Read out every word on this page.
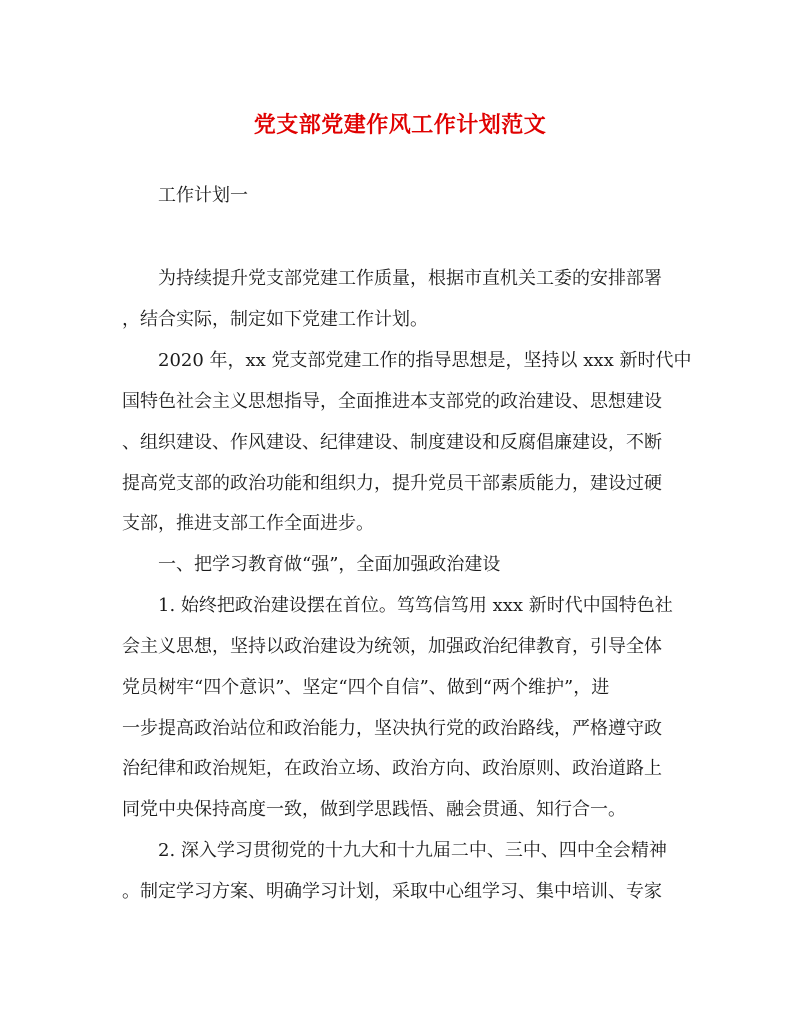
党支部党建作风工作计划范文
工作计划一
为持续提升党支部党建工作质量，根据市直机关工委的安排部署
，结合实际，制定如下党建工作计划。
2020 年，xx 党支部党建工作的指导思想是，坚持以 xxx 新时代中
国特色社会主义思想指导，全面推进本支部党的政治建设、思想建设
、组织建设、作风建设、纪律建设、制度建设和反腐倡廉建设，不断
提高党支部的政治功能和组织力，提升党员干部素质能力，建设过硬
支部，推进支部工作全面进步。
一、把学习教育做“强”，全面加强政治建设
1. 始终把政治建设摆在首位。笃笃信笃用 xxx 新时代中国特色社
会主义思想，坚持以政治建设为统领，加强政治纪律教育，引导全体
党员树牢“四个意识”、坚定“四个自信”、做到“两个维护”，进
一步提高政治站位和政治能力，坚决执行党的政治路线，严格遵守政
治纪律和政治规矩，在政治立场、政治方向、政治原则、政治道路上
同党中央保持高度一致，做到学思践悟、融会贯通、知行合一。
2. 深入学习贯彻党的十九大和十九届二中、三中、四中全会精神
。制定学习方案、明确学习计划，采取中心组学习、集中培训、专家
